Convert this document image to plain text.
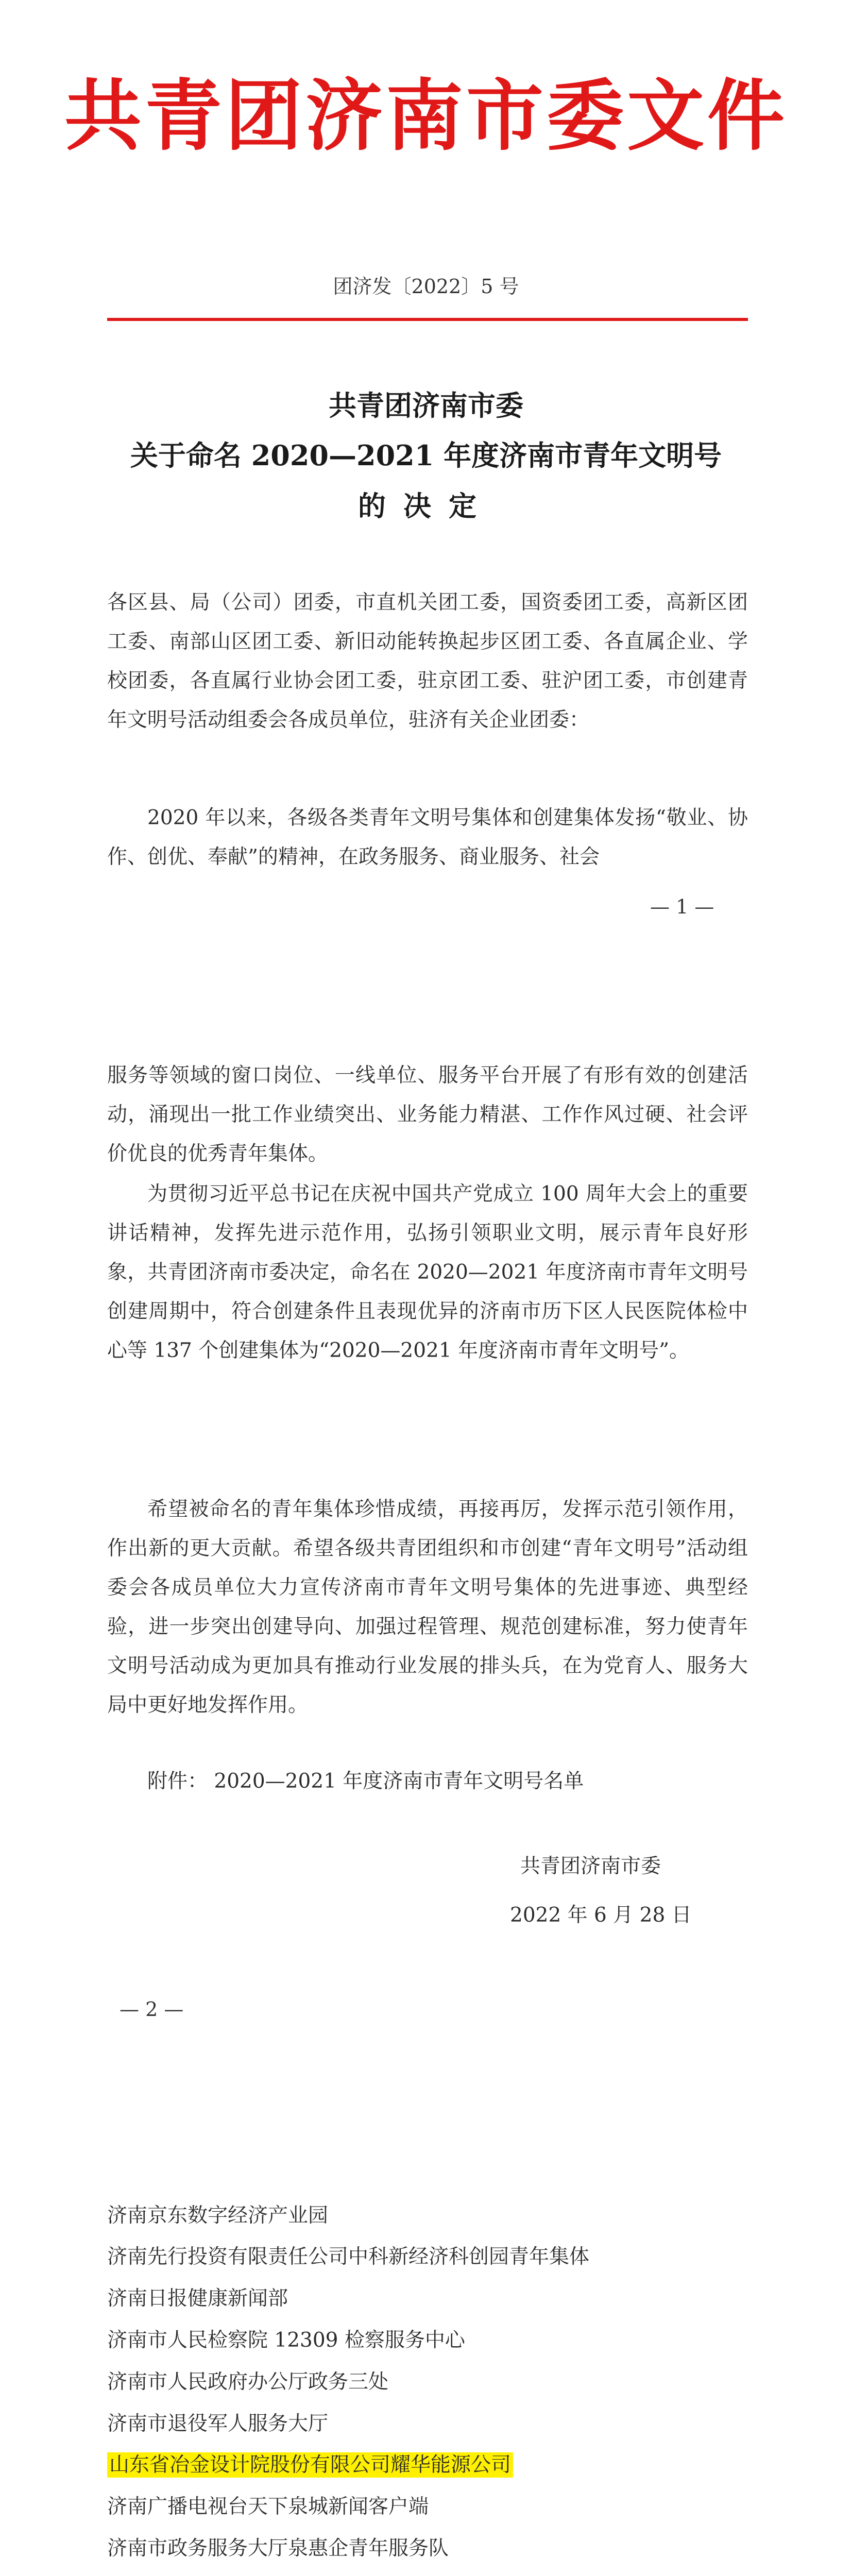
共青团济南市委文件
团济发〔2022〕5 号
共青团济南市委
关于命名 2020—2021 年度济南市青年文明号
的决定

各区县、局（公司）团委，市直机关团工委，国资委团工委，高新区团工委、南部山区团工委、新旧动能转换起步区团工委、各直属企业、学校团委，各直属行业协会团工委，驻京团工委、驻沪团工委，市创建青年文明号活动组委会各成员单位，驻济有关企业团委：

2020 年以来，各级各类青年文明号集体和创建集体发扬“敬业、协作、创优、奉献”的精神，在政务服务、商业服务、社会

— 1 —

服务等领域的窗口岗位、一线单位、服务平台开展了有形有效的创建活动，涌现出一批工作业绩突出、业务能力精湛、工作作风过硬、社会评价优良的优秀青年集体。

为贯彻习近平总书记在庆祝中国共产党成立 100 周年大会上的重要讲话精神，发挥先进示范作用，弘扬引领职业文明，展示青年良好形象，共青团济南市委决定，命名在 2020—2021 年度济南市青年文明号创建周期中，符合创建条件且表现优异的济南市历下区人民医院体检中心等 137 个创建集体为“2020—2021 年度济南市青年文明号”。

希望被命名的青年集体珍惜成绩，再接再厉，发挥示范引领作用，作出新的更大贡献。希望各级共青团组织和市创建“青年文明号”活动组委会各成员单位大力宣传济南市青年文明号集体的先进事迹、典型经验，进一步突出创建导向、加强过程管理、规范创建标准，努力使青年文明号活动成为更加具有推动行业发展的排头兵，在为党育人、服务大局中更好地发挥作用。

附件： 2020—2021 年度济南市青年文明号名单
共青团济南市委
2022 年 6 月 28 日
— 2 —
济南京东数字经济产业园
济南先行投资有限责任公司中科新经济科创园青年集体
济南日报健康新闻部
济南市人民检察院 12309 检察服务中心
济南市人民政府办公厅政务三处
济南市退役军人服务大厅
山东省冶金设计院股份有限公司耀华能源公司
济南广播电视台天下泉城新闻客户端
济南市政务服务大厅泉惠企青年服务队
